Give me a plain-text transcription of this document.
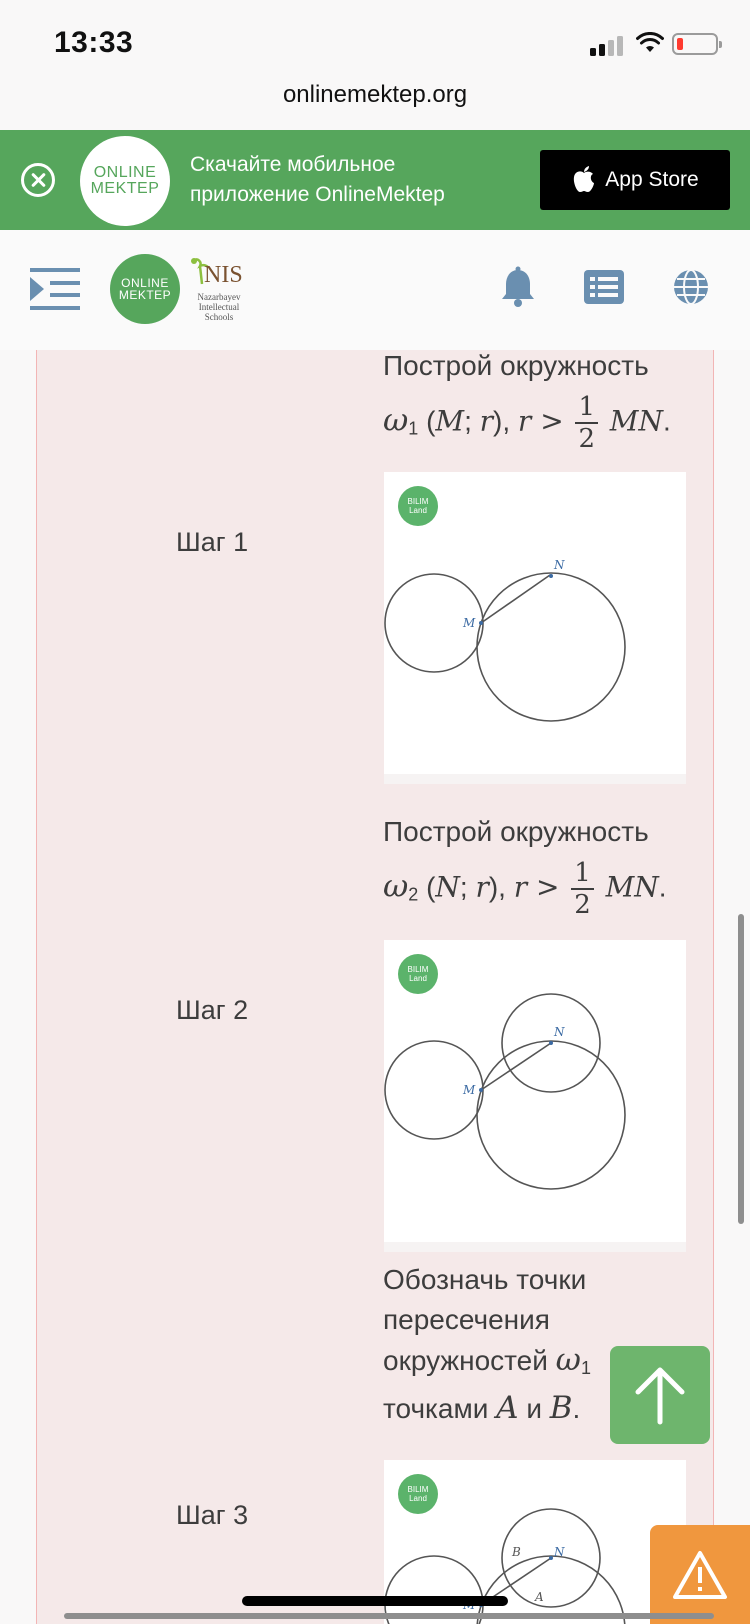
13:33
onlinemektep.org
ONLINE
MEKTEP
Скачайте мобильное приложение OnlineMektep
App Store
ONLINE
MEKTEP
NIS
Nazarbayev
Intellectual
Schools
Построй окружность
$\omega_1$ (M; r), $r > \frac{1}{2}$ MN.
Шаг 1
BILIM
Land
M
N
Построй окружность
$\omega_2$ (N; r), $r > \frac{1}{2}$ MN.
Шаг 2
BILIM
Land
M
N
Обозначь точки
пересечения
окружностей $\omega_1$
точками A и B.
Шаг 3
BILIM
Land
N
B
A
